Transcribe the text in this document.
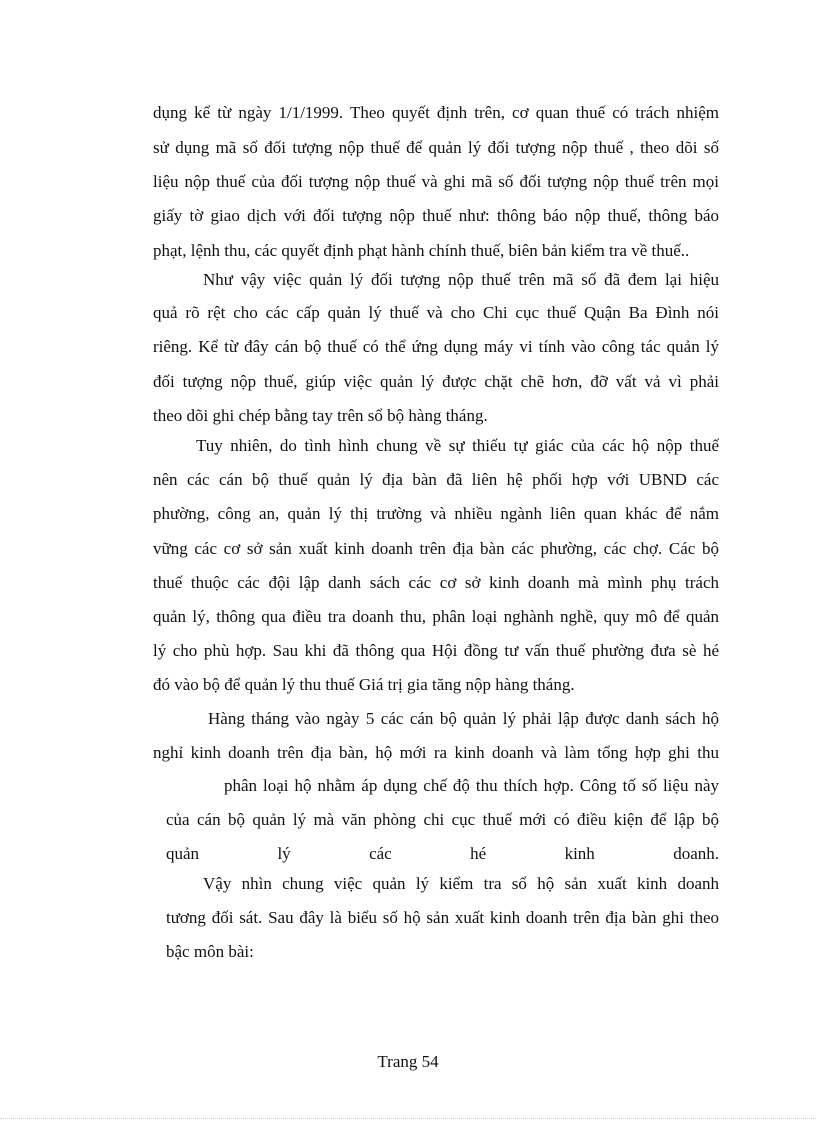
dụng kể từ ngày 1/1/1999. Theo quyết định trên, cơ quan thuế có trách nhiệm
sử dụng mã số đối tượng nộp thuế để quản lý đối tượng nộp thuế , theo dõi số
liệu nộp thuế của đối tượng nộp thuế và ghi mã số đối tượng nộp thuế trên mọi
giấy tờ giao dịch với đối tượng nộp thuế như: thông báo nộp thuế, thông báo
phạt, lệnh thu, các quyết định phạt hành chính thuế, biên bản kiểm tra về thuế..
Như vậy việc quản lý đối tượng nộp thuế trên mã số đã đem lại hiệu
quả rõ rệt cho các cấp quản lý thuế và cho Chi cục thuế Quận Ba Đình nói
riêng. Kể từ đây cán bộ thuế có thể ứng dụng máy vi tính vào công tác quản lý
đối tượng nộp thuế, giúp việc quản lý được chặt chẽ hơn, đỡ vất vả vì phải
theo dõi ghi chép bằng tay trên sổ bộ hàng tháng.
Tuy nhiên, do tình hình chung về sự thiếu tự giác của các hộ nộp thuế
nên các cán bộ thuế quản lý địa bàn đã liên hệ phối hợp với UBND các
phường, công an, quản lý thị trường và nhiều ngành liên quan khác để nắm
vững các cơ sở sản xuất kinh doanh trên địa bàn các phường, các chợ. Các bộ
thuế thuộc các đội lập danh sách các cơ sở kinh doanh mà mình phụ trách
quản lý, thông qua điều tra doanh thu, phân loại nghành nghề, quy mô để quản
lý cho phù hợp. Sau khi đã thông qua Hội đồng tư vấn thuế phường đưa sè hé
đó vào bộ để quản lý thu thuế Giá trị gia tăng nộp hàng tháng.
Hàng tháng vào ngày 5 các cán bộ quản lý phải lập được danh sách hộ
nghỉ kinh doanh trên địa bàn, hộ mới ra kinh doanh và làm tổng hợp ghi thu
phân loại hộ nhằm áp dụng chế độ thu thích hợp. Công tố số liệu này
của cán bộ quản lý mà văn phòng chi cục thuế mới có điều kiện để lập bộ
quản lý các hé kinh doanh.
Vậy nhìn chung việc quản lý kiểm tra sổ hộ sản xuất kinh doanh
tương đối sát. Sau đây là biểu số hộ sản xuất kinh doanh trên địa bàn ghi theo
bậc môn bài:
Trang 54
